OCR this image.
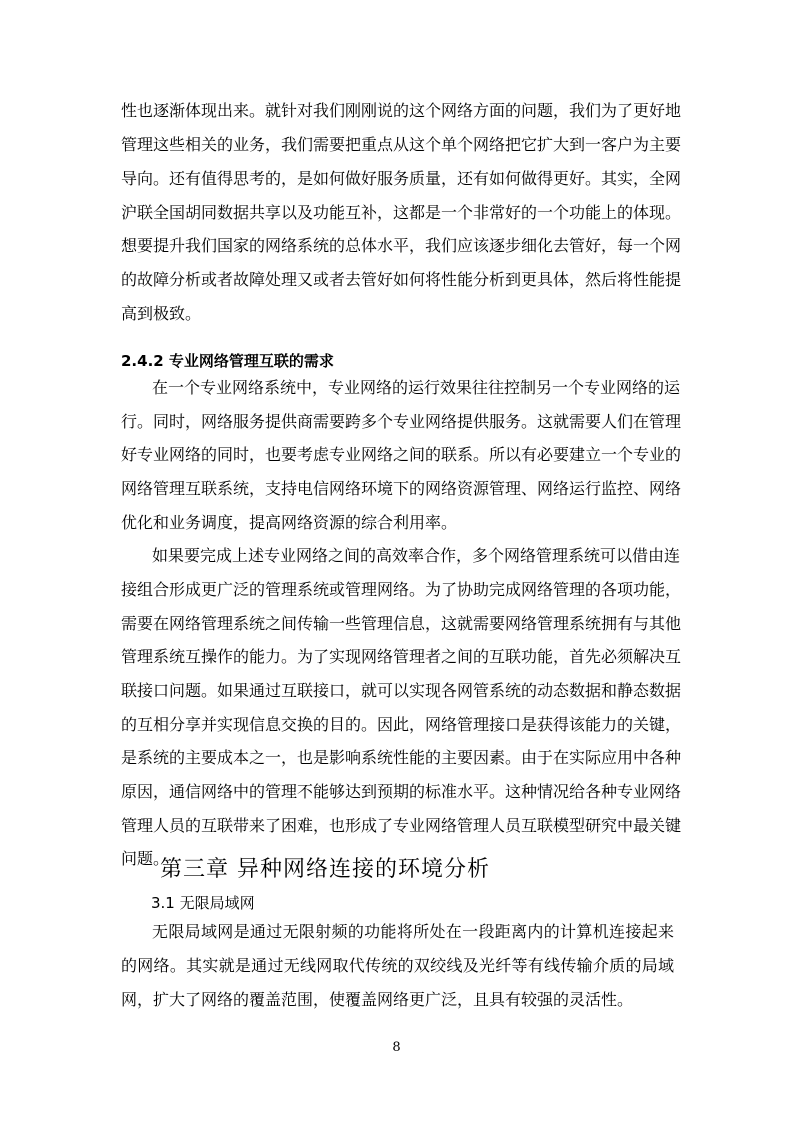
性也逐渐体现出来。就针对我们刚刚说的这个网络方面的问题，我们为了更好地
管理这些相关的业务，我们需要把重点从这个单个网络把它扩大到一客户为主要
导向。还有值得思考的，是如何做好服务质量，还有如何做得更好。其实，全网
沪联全国胡同数据共享以及功能互补，这都是一个非常好的一个功能上的体现。
想要提升我们国家的网络系统的总体水平，我们应该逐步细化去管好，每一个网
的故障分析或者故障处理又或者去管好如何将性能分析到更具体，然后将性能提
高到极致。
2.4.2 专业网络管理互联的需求
在一个专业网络系统中，专业网络的运行效果往往控制另一个专业网络的运
行。同时，网络服务提供商需要跨多个专业网络提供服务。这就需要人们在管理
好专业网络的同时，也要考虑专业网络之间的联系。所以有必要建立一个专业的
网络管理互联系统，支持电信网络环境下的网络资源管理、网络运行监控、网络
优化和业务调度，提高网络资源的综合利用率。
如果要完成上述专业网络之间的高效率合作，多个网络管理系统可以借由连
接组合形成更广泛的管理系统或管理网络。为了协助完成网络管理的各项功能，
需要在网络管理系统之间传输一些管理信息，这就需要网络管理系统拥有与其他
管理系统互操作的能力。为了实现网络管理者之间的互联功能，首先必须解决互
联接口问题。如果通过互联接口，就可以实现各网管系统的动态数据和静态数据
的互相分享并实现信息交换的目的。因此，网络管理接口是获得该能力的关键，
是系统的主要成本之一，也是影响系统性能的主要因素。由于在实际应用中各种
原因，通信网络中的管理不能够达到预期的标准水平。这种情况给各种专业网络
管理人员的互联带来了困难，也形成了专业网络管理人员互联模型研究中最关键
问题。
第三章 异种网络连接的环境分析
3.1 无限局域网
无限局域网是通过无限射频的功能将所处在一段距离内的计算机连接起来
的网络。其实就是通过无线网取代传统的双绞线及光纤等有线传输介质的局域
网，扩大了网络的覆盖范围，使覆盖网络更广泛，且具有较强的灵活性。
8
